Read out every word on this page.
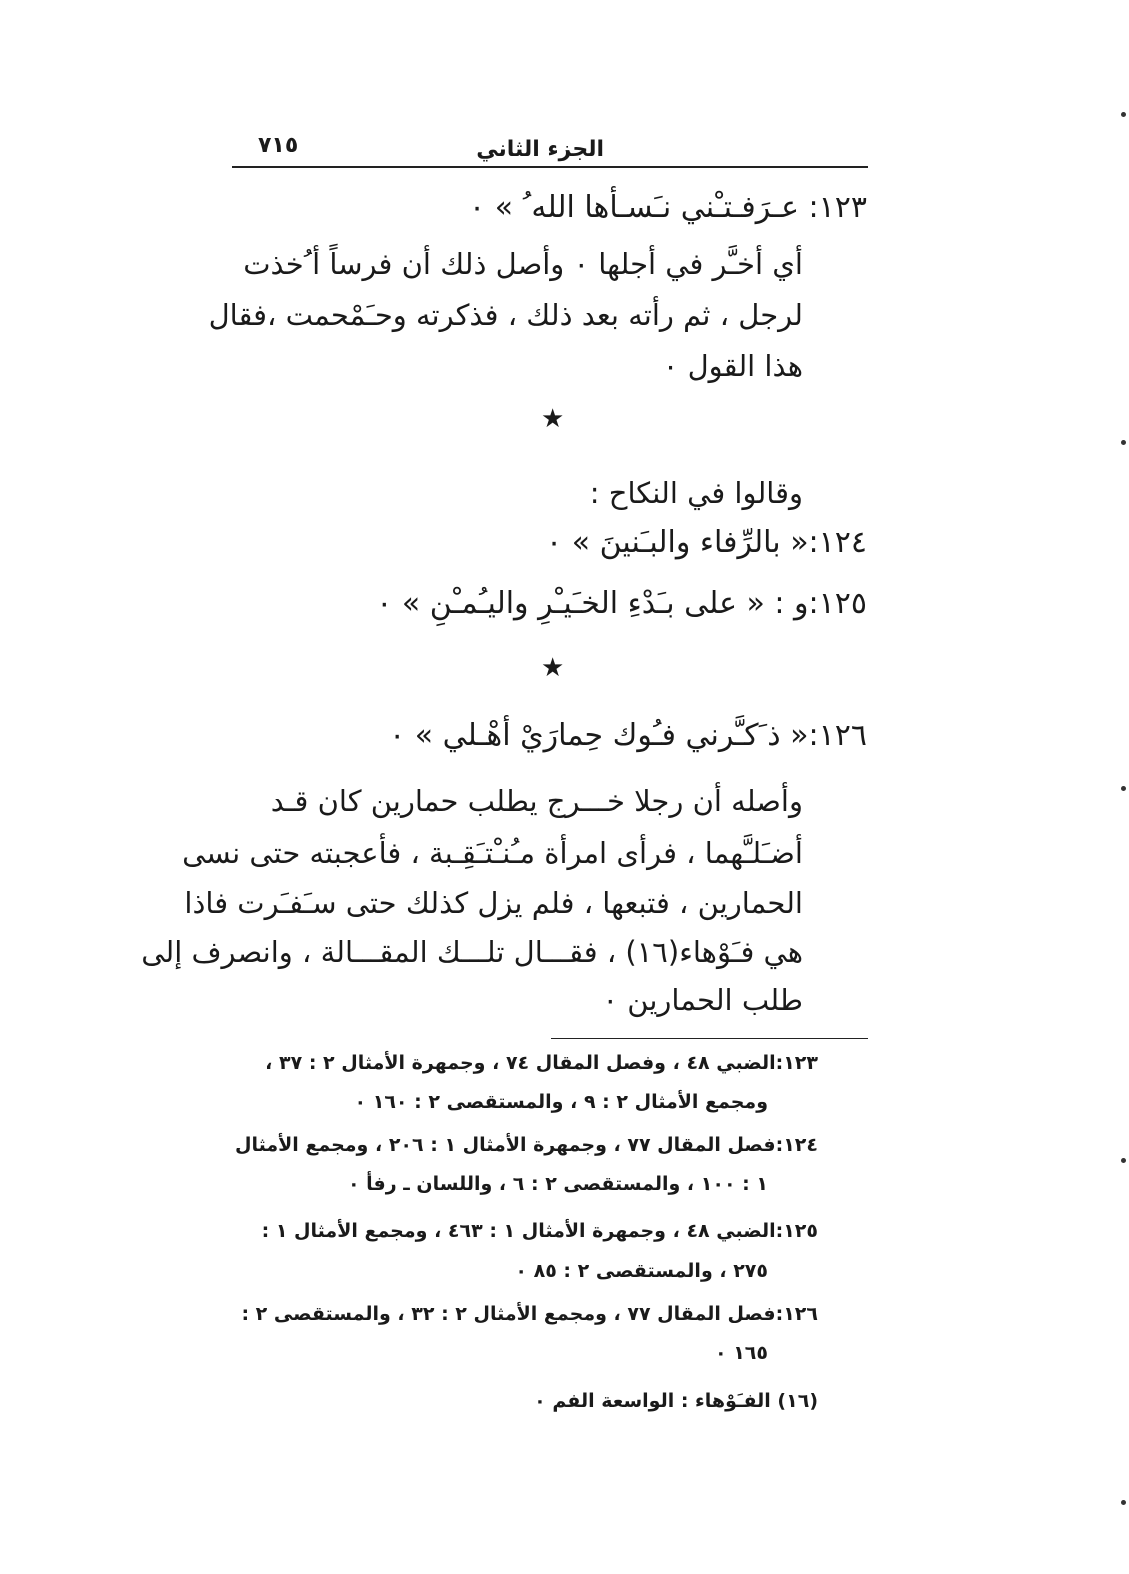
٧١٥	الجزء الثاني
١٢٣: عـرَفـتـْني نـَسـأها الله ُ » ٠
أي أخـَّر في أجلها ٠ وأصل ذلك أن فرساً أ ُخذت
لرجل ، ثم رأته بعد ذلك ، فذكرته وحـَمْحمت ،فقال
هذا القول ٠
★
وقالوا في النكاح :
١٢٤:« بالرِّفاء والبـَنينَ » ٠
١٢٥:و : « على بـَدْءِ الخـَيـْرِ واليـُمـْنِ » ٠
★
١٢٦:« ذ َكـَّرني فـُوك حِمارَيْ أهْـلي » ٠
وأصله أن رجلا خـــرج يطلب حمارين كان قـد
أضـَلـَّهما ، فرأى امرأة مـُنـْتـَقِـبة ، فأعجبته حتى نسى
الحمارين ، فتبعها ، فلم يزل كذلك حتى سـَفـَرت فاذا
هي فـَوْهاء(١٦) ، فقـــال تلـــك المقـــالة ، وانصرف إلى
طلب الحمارين ٠
١٢٣:الضبي ٤٨ ، وفصل المقال ٧٤ ، وجمهرة الأمثال ٢ : ٣٧ ،
ومجمع الأمثال ٢ : ٩ ، والمستقصى ٢ : ١٦٠ ٠
١٢٤:فصل المقال ٧٧ ، وجمهرة الأمثال ١ : ٢٠٦ ، ومجمع الأمثال
١ : ١٠٠ ، والمستقصى ٢ : ٦ ، واللسان ـ رفأ ٠
١٢٥:الضبي ٤٨ ، وجمهرة الأمثال ١ : ٤٦٣ ، ومجمع الأمثال ١ :
٢٧٥ ، والمستقصى ٢ : ٨٥ ٠
١٢٦:فصل المقال ٧٧ ، ومجمع الأمثال ٢ : ٣٢ ، والمستقصى ٢ :
١٦٥ ٠
(١٦) الفـَوْهاء : الواسعة الفم ٠
